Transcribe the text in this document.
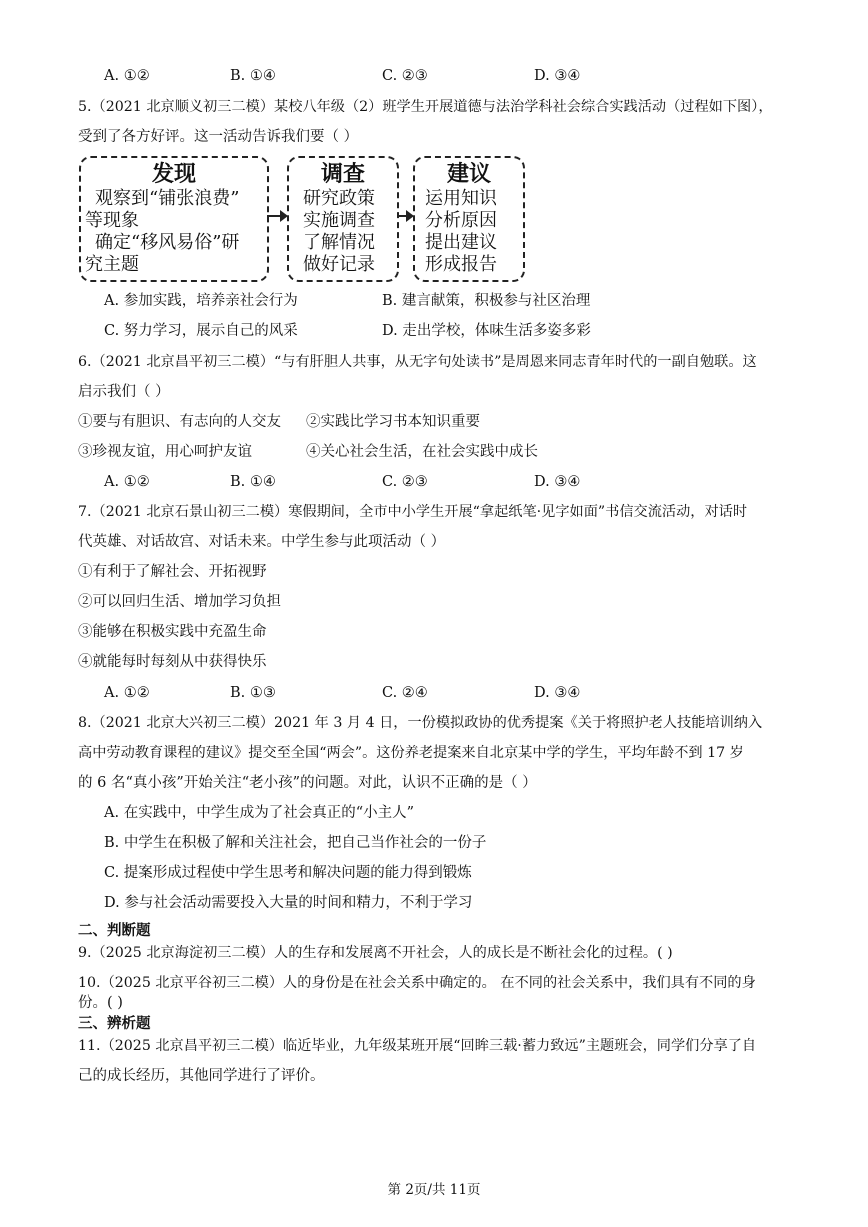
A. ①②	B. ①④	C. ②③	D. ③④
5.（2021 北京顺义初三二模）某校八年级（2）班学生开展道德与法治学科社会综合实践活动（过程如下图），
受到了各方好评。这一活动告诉我们要（ ）
发现
观察到“铺张浪费”
等现象
确定“移风易俗”研
究主题
调查
研究政策
实施调查
了解情况
做好记录
建议
运用知识
分析原因
提出建议
形成报告
A. 参加实践，培养亲社会行为	B. 建言献策，积极参与社区治理
C. 努力学习，展示自己的风采	D. 走出学校，体味生活多姿多彩
6.（2021 北京昌平初三二模）“与有肝胆人共事，从无字句处读书”是周恩来同志青年时代的一副自勉联。这
启示我们（ ）
①要与有胆识、有志向的人交友 ②实践比学习书本知识重要
③珍视友谊，用心呵护友谊	④关心社会生活，在社会实践中成长
A. ①②	B. ①④	C. ②③	D. ③④
7.（2021 北京石景山初三二模）寒假期间，全市中小学生开展“拿起纸笔·见字如面”书信交流活动，对话时
代英雄、对话故宫、对话未来。中学生参与此项活动（ ）
①有利于了解社会、开拓视野
②可以回归生活、增加学习负担
③能够在积极实践中充盈生命
④就能每时每刻从中获得快乐
A. ①②	B. ①③	C. ②④	D. ③④
8.（2021 北京大兴初三二模）2021 年 3 月 4 日，一份模拟政协的优秀提案《关于将照护老人技能培训纳入
高中劳动教育课程的建议》提交至全国“两会”。这份养老提案来自北京某中学的学生，平均年龄不到 17 岁
的 6 名“真小孩”开始关注“老小孩”的问题。对此，认识不正确的是（ ）
A. 在实践中，中学生成为了社会真正的“小主人”
B. 中学生在积极了解和关注社会，把自己当作社会的一份子
C. 提案形成过程使中学生思考和解决问题的能力得到锻炼
D. 参与社会活动需要投入大量的时间和精力，不利于学习
二、判断题
9.（2025 北京海淀初三二模）人的生存和发展离不开社会，人的成长是不断社会化的过程。( )
10.（2025 北京平谷初三二模）人的身份是在社会关系中确定的。 在不同的社会关系中，我们具有不同的身
份。( )
三、辨析题
11.（2025 北京昌平初三二模）临近毕业，九年级某班开展“回眸三载·蓄力致远”主题班会，同学们分享了自
己的成长经历，其他同学进行了评价。
第 2页/共 11页
